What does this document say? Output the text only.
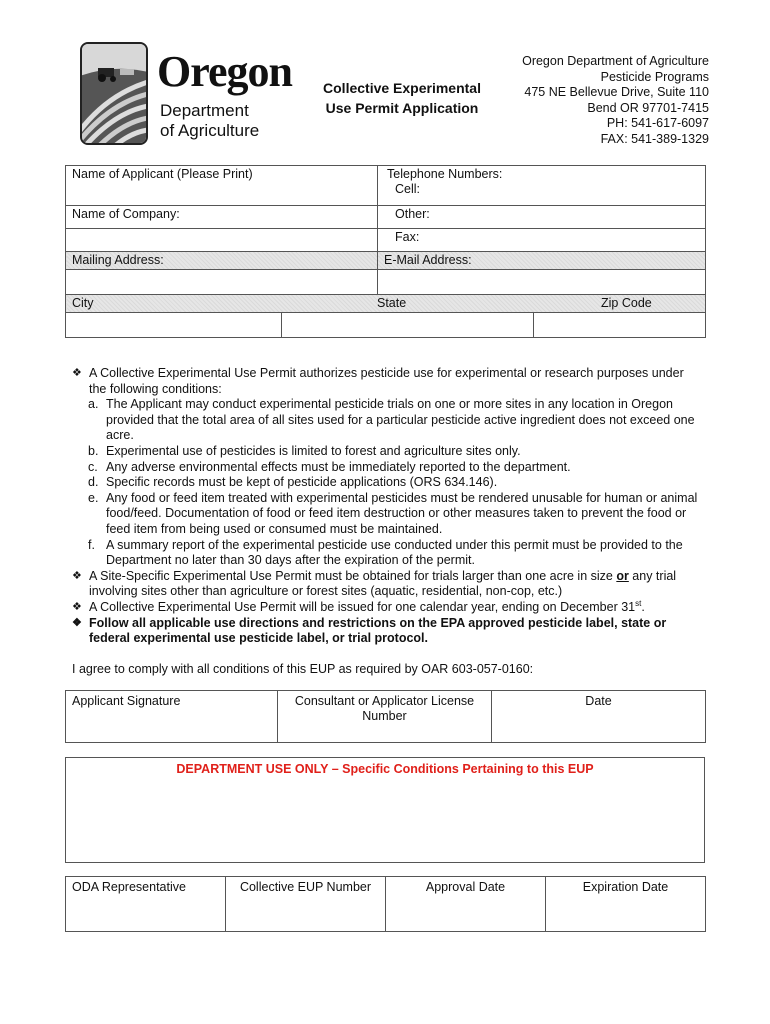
Oregon
Department
of Agriculture
Collective Experimental
Use Permit Application
Oregon Department of Agriculture
Pesticide Programs
475 NE Bellevue Drive, Suite 110
Bend OR 97701-7415
PH: 541-617-6097
FAX: 541-389-1329
Name of Applicant (Please Print)		Telephone Numbers:
Cell:	

Name of Company:		Other:	
		Fax:	
Mailing Address:		E-Mail Address:	

City State Zip Code			

❖ A Collective Experimental Use Permit authorizes pesticide use for experimental or research purposes under the following conditions:
a. The Applicant may conduct experimental pesticide trials on one or more sites in any location in Oregon provided that the total area of all sites used for a particular pesticide active ingredient does not exceed one acre.
b. Experimental use of pesticides is limited to forest and agriculture sites only.
c. Any adverse environmental effects must be immediately reported to the department.
d. Specific records must be kept of pesticide applications (ORS 634.146).
e. Any food or feed item treated with experimental pesticides must be rendered unusable for human or animal food/feed. Documentation of food or feed item destruction or other measures taken to prevent the food or feed item from being used or consumed must be maintained.
f. A summary report of the experimental pesticide use conducted under this permit must be provided to the Department no later than 30 days after the expiration of the permit.
❖ A Site-Specific Experimental Use Permit must be obtained for trials larger than one acre in size or any trial involving sites other than agriculture or forest sites (aquatic, residential, non-cop, etc.)
❖ A Collective Experimental Use Permit will be issued for one calendar year, ending on December 31st.
❖ Follow all applicable use directions and restrictions on the EPA approved pesticide label, state or federal experimental use pesticide label, or trial protocol.
I agree to comply with all conditions of this EUP as required by OAR 603-057-0160:
Applicant Signature	Consultant or Applicator License Number	Date
DEPARTMENT USE ONLY – Specific Conditions Pertaining to this EUP
ODA Representative	Collective EUP Number	Approval Date	Expiration Date
